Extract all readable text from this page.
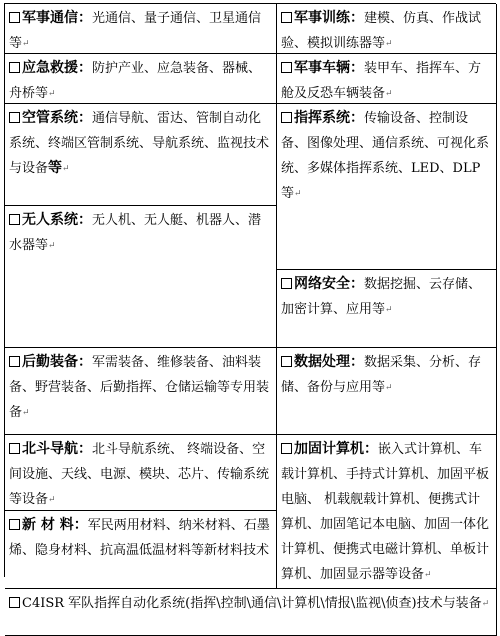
军事通信：光通信、量子通信、卫星通信等↵
军事训练：建模、仿真、作战试验、模拟训练器等↵
应急救援：防护产业、应急装备、器械、舟桥等↵
军事车辆：装甲车、指挥车、方舱及反恐车辆装备↵
空管系统：通信导航、雷达、管制自动化系统、终端区管制系统、导航系统、监视技术与设备等↵
指挥系统：传输设备、控制设备、图像处理、通信系统、可视化系统、多媒体指挥系统、LED、DLP等↵
无人系统：无人机、无人艇、机器人、潜水器等↵
网络安全：数据挖掘、云存储、加密计算、应用等↵
后勤装备：军需装备、维修装备、油料装备、野营装备、后勤指挥、仓储运输等专用装备↵
数据处理：数据采集、分析、存储、备份与应用等↵
北斗导航：北斗导航系统、 终端设备、空间设施、天线、电源、模块、芯片、传输系统等设备↵
新 材 料：军民两用材料、纳米材料、石墨烯、隐身材料、抗高温低温材料等新材料技术
加固计算机：嵌入式计算机、车载计算机、手持式计算机、加固平板电脑、 机载舰载计算机、便携式计算机、加固笔记本电脑、加固一体化计算机、便携式电磁计算机、单板计算机、加固显示器等设备↵
C4ISR 军队指挥自动化系统(指挥\控制\通信\计算机\情报\监视\侦查)技术与装备↵
